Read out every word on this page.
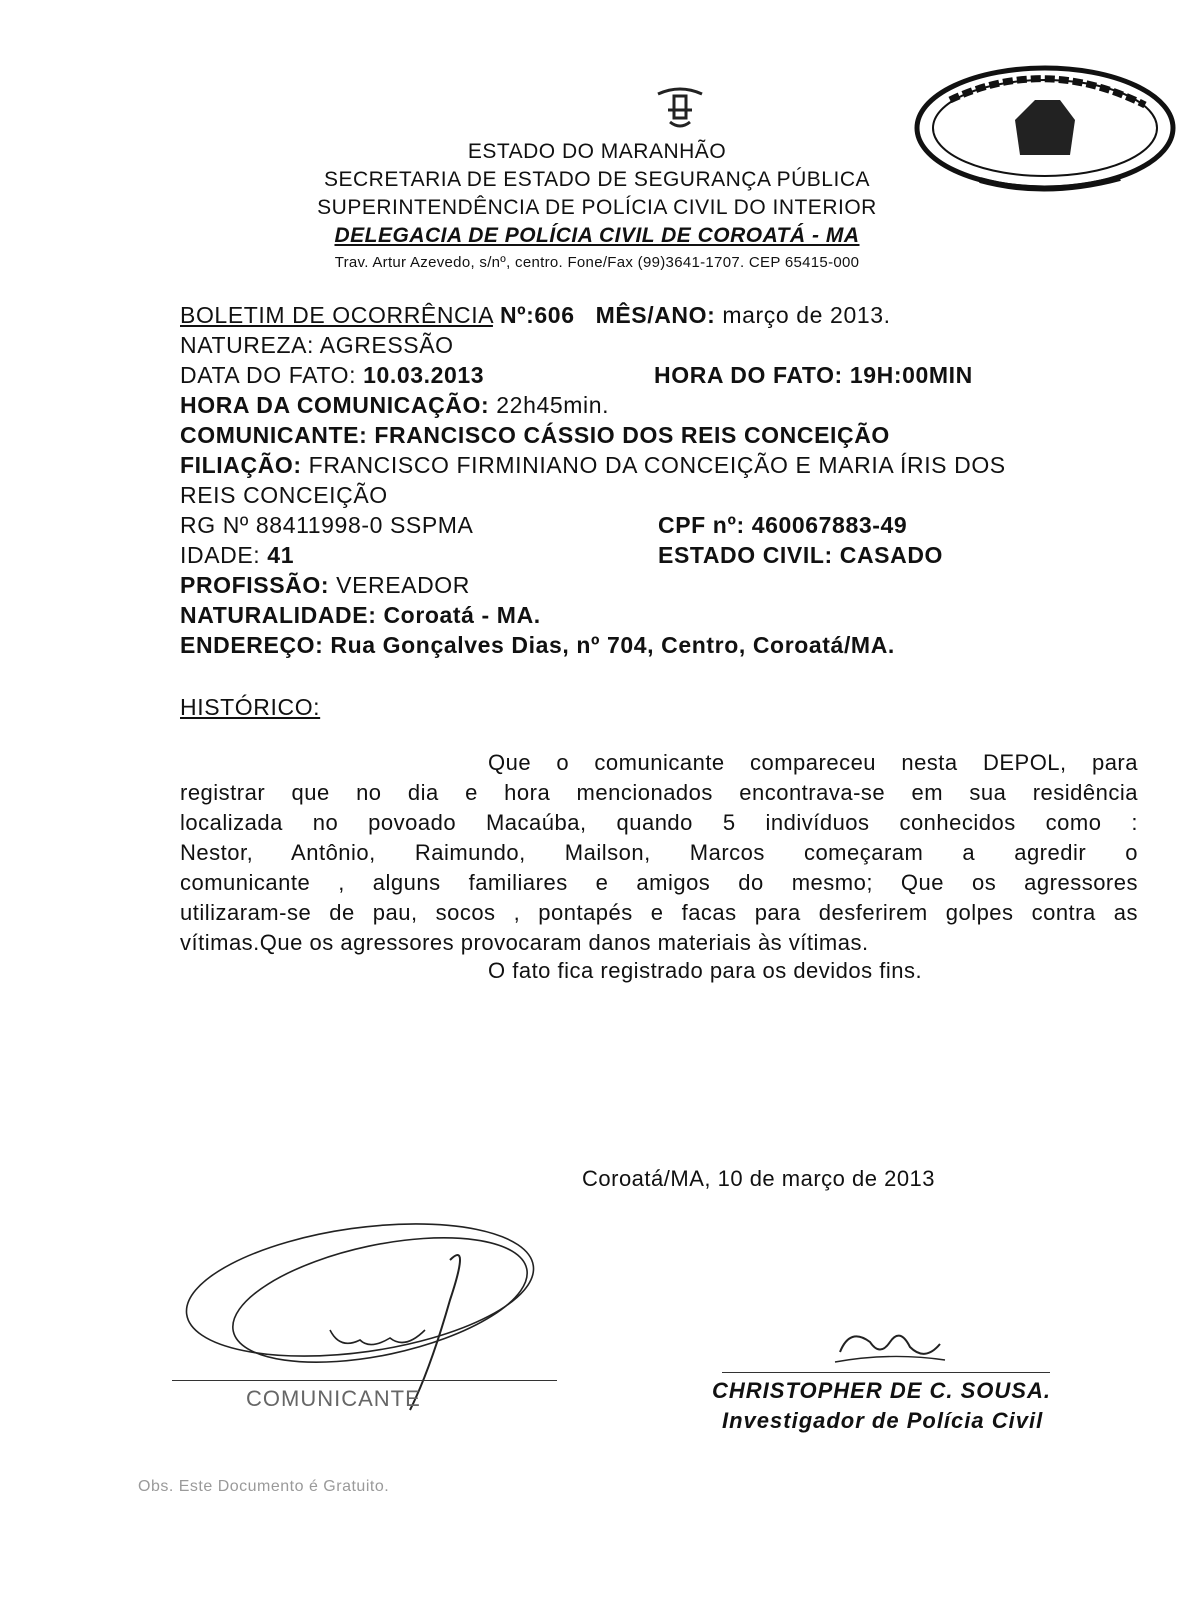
ESTADO DO MARANHÃO
SECRETARIA DE ESTADO DE SEGURANÇA PÚBLICA
SUPERINTENDÊNCIA DE POLÍCIA CIVIL DO INTERIOR
DELEGACIA DE POLÍCIA CIVIL DE COROATÁ - MA
Trav. Artur Azevedo, s/nº, centro. Fone/Fax (99)3641-1707. CEP 65415-000
BOLETIM DE OCORRÊNCIA Nº:606 MÊS/ANO: março de 2013.
NATUREZA: AGRESSÃO
DATA DO FATO: 10.03.2013	HORA DO FATO: 19H:00MIN
HORA DA COMUNICAÇÃO: 22h45min.
COMUNICANTE: FRANCISCO CÁSSIO DOS REIS CONCEIÇÃO
FILIAÇÃO: FRANCISCO FIRMINIANO DA CONCEIÇÃO E MARIA ÍRIS DOS
REIS CONCEIÇÃO
RG Nº 88411998-0 SSPMA	CPF nº: 460067883-49
IDADE: 41	ESTADO CIVIL: CASADO
PROFISSÃO: VEREADOR
NATURALIDADE: Coroatá - MA.
ENDEREÇO: Rua Gonçalves Dias, nº 704, Centro, Coroatá/MA.
HISTÓRICO:
Que o comunicante compareceu nesta DEPOL, para
registrar que no dia e hora mencionados encontrava-se em sua residência
localizada no povoado Macaúba, quando 5 indivíduos conhecidos como :
Nestor, Antônio, Raimundo, Mailson, Marcos começaram a agredir o
comunicante , alguns familiares e amigos do mesmo; Que os agressores
utilizaram-se de pau, socos , pontapés e facas para desferirem golpes contra as
vítimas.Que os agressores provocaram danos materiais às vítimas.
O fato fica registrado para os devidos fins.
Coroatá/MA, 10 de março de 2013
COMUNICANTE	CHRISTOPHER DE C. SOUSA.
Investigador de Polícia Civil
Obs. Este Documento é Gratuito.
